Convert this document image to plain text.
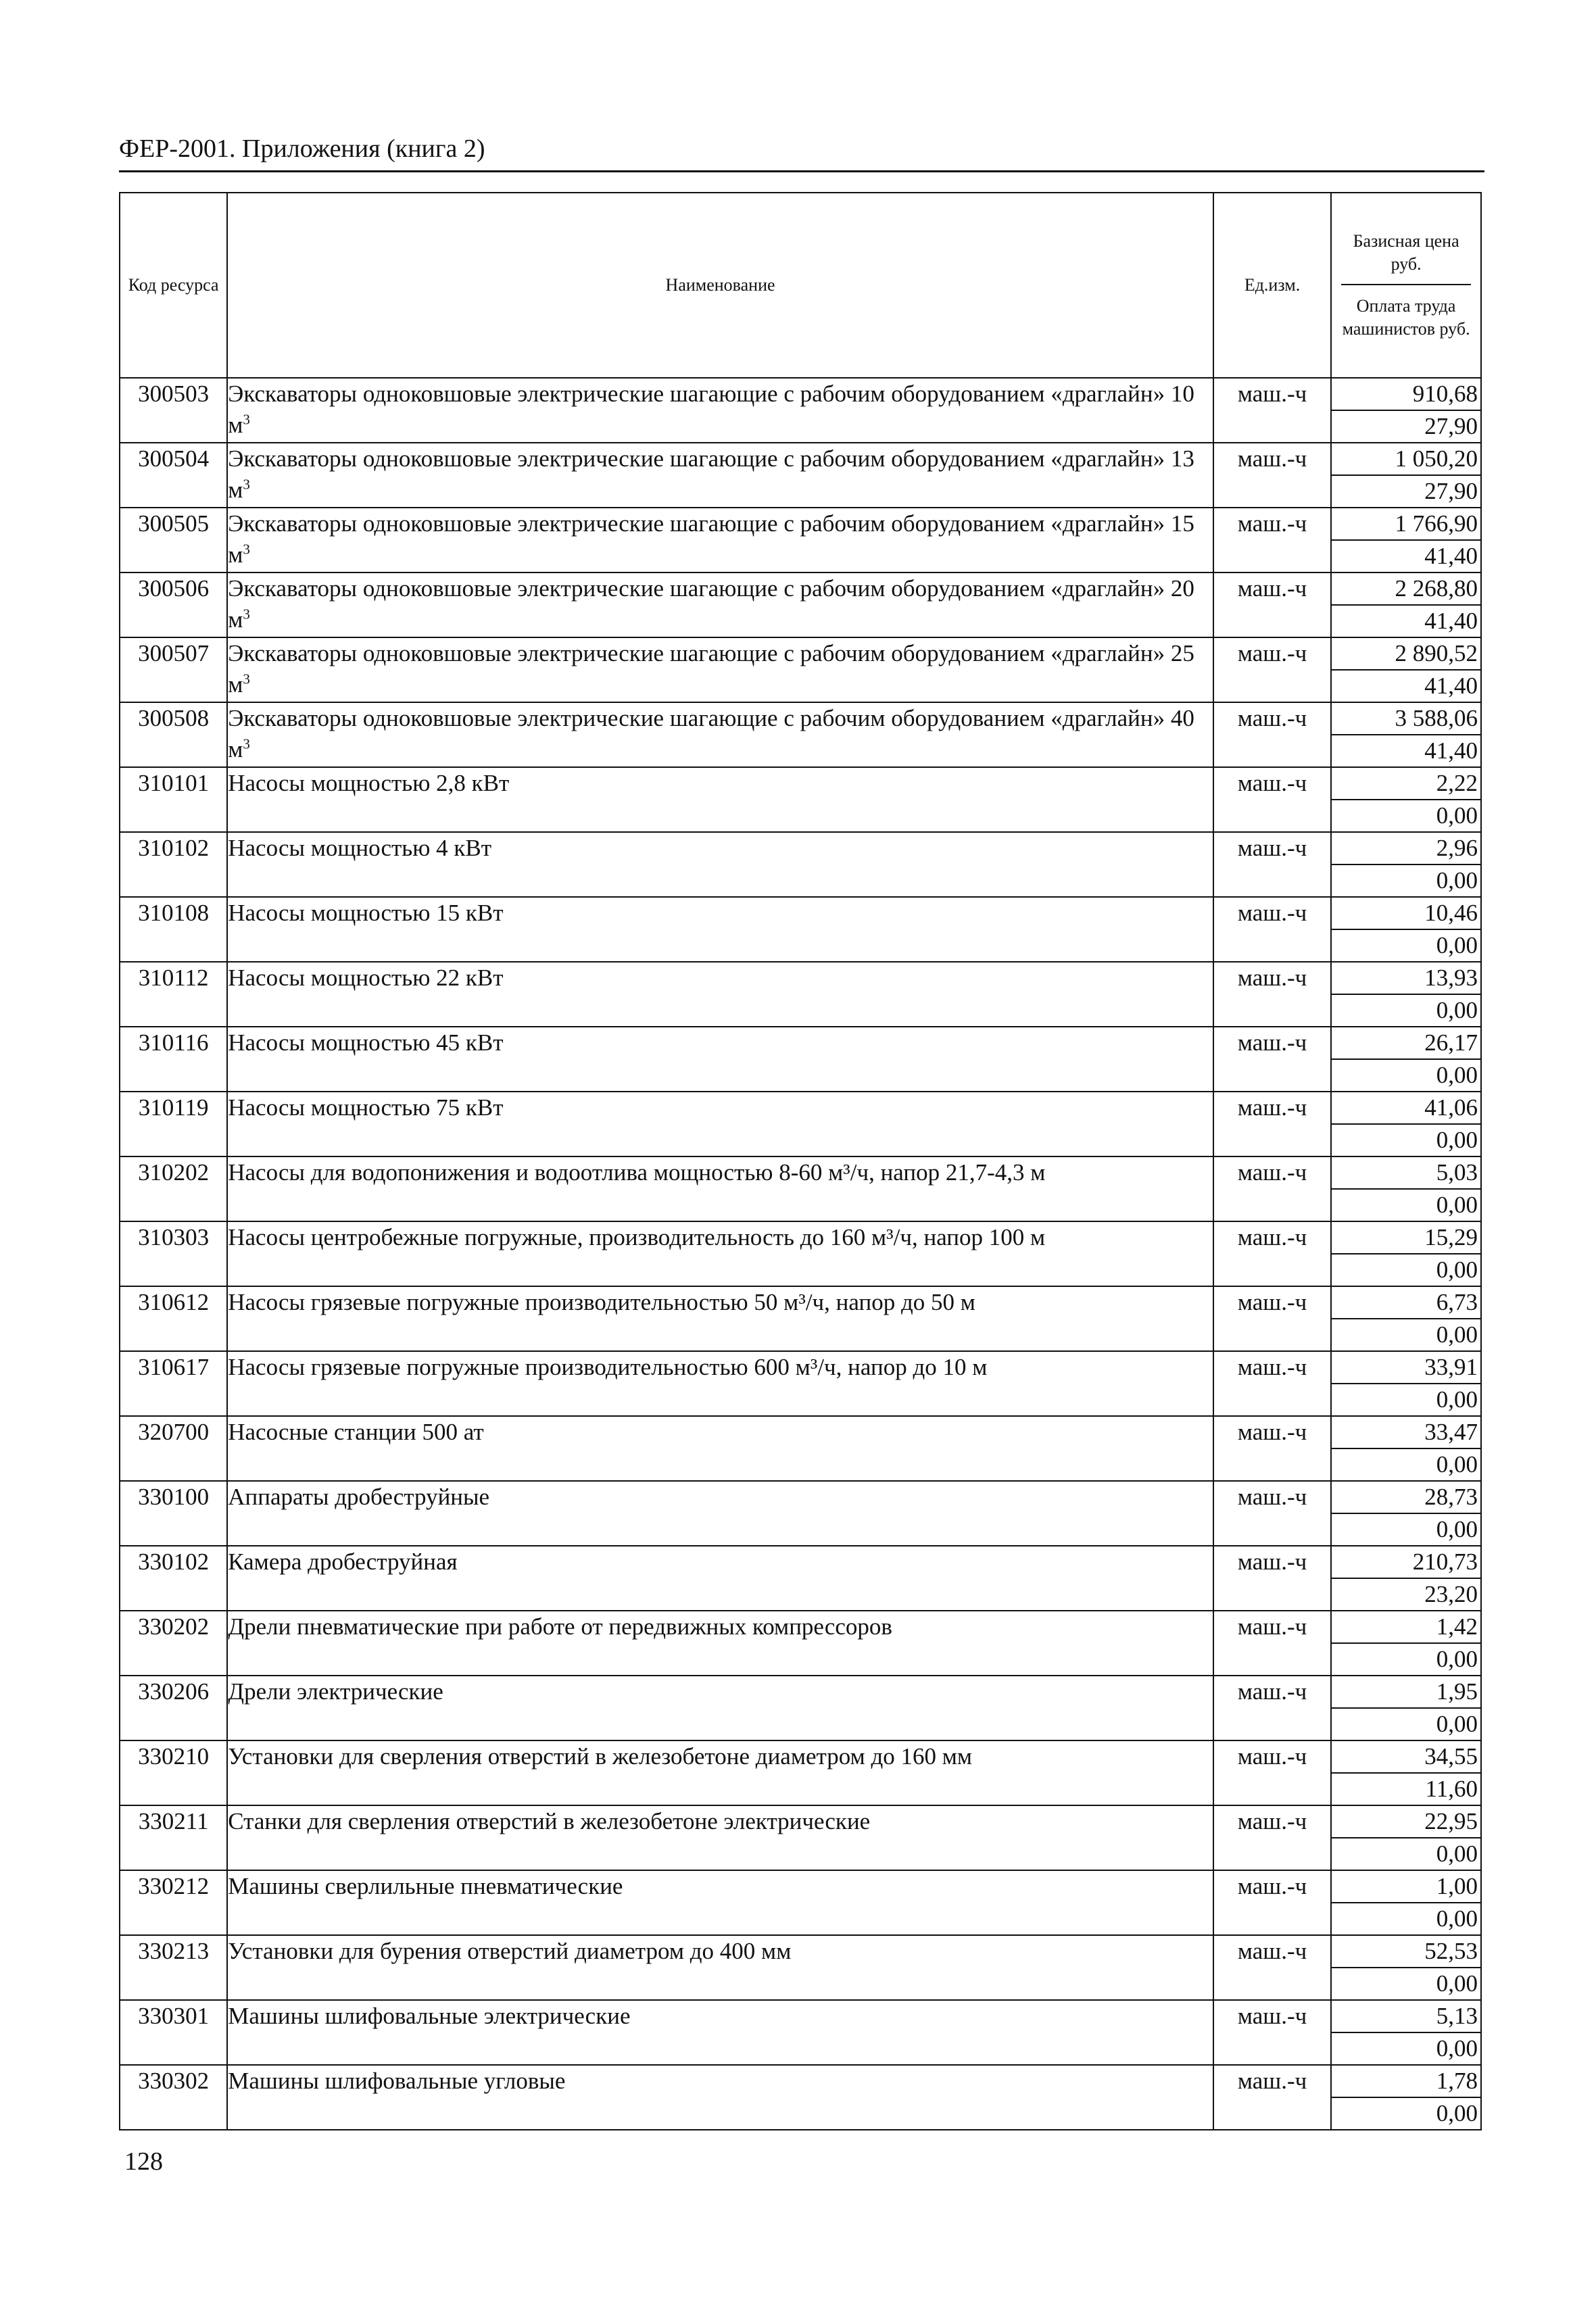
ФЕР-2001. Приложения (книга 2)
Код ресурса	Наименование	Ед.изм.	Базисная цена руб.
Оплата труда машинистов руб.

300503	Экскаваторы одноковшовые электрические шагающие с рабочим оборудованием «драглайн» 10 $м^3$	маш.-ч	910,68
27,90

300504	Экскаваторы одноковшовые электрические шагающие с рабочим оборудованием «драглайн» 13 $м^3$	маш.-ч	1 050,20
27,90

300505	Экскаваторы одноковшовые электрические шагающие с рабочим оборудованием «драглайн» 15 $м^3$	маш.-ч	1 766,90
41,40

300506	Экскаваторы одноковшовые электрические шагающие с рабочим оборудованием «драглайн» 20 $м^3$	маш.-ч	2 268,80
41,40

300507	Экскаваторы одноковшовые электрические шагающие с рабочим оборудованием «драглайн» 25 $м^3$	маш.-ч	2 890,52
41,40

300508	Экскаваторы одноковшовые электрические шагающие с рабочим оборудованием «драглайн» 40 $м^3$	маш.-ч	3 588,06
41,40

310101	Насосы мощностью 2,8 кВт	маш.-ч	2,22
0,00

310102	Насосы мощностью 4 кВт	маш.-ч	2,96
0,00

310108	Насосы мощностью 15 кВт	маш.-ч	10,46
0,00

310112	Насосы мощностью 22 кВт	маш.-ч	13,93
0,00

310116	Насосы мощностью 45 кВт	маш.-ч	26,17
0,00

310119	Насосы мощностью 75 кВт	маш.-ч	41,06
0,00

310202	Насосы для водопонижения и водоотлива мощностью 8-60 м³/ч, напор 21,7-4,3 м	маш.-ч	5,03
0,00

310303	Насосы центробежные погружные, производительность до 160 м³/ч, напор 100 м	маш.-ч	15,29
0,00

310612	Насосы грязевые погружные производительностью 50 м³/ч, напор до 50 м	маш.-ч	6,73
0,00

310617	Насосы грязевые погружные производительностью 600 м³/ч, напор до 10 м	маш.-ч	33,91
0,00

320700	Насосные станции 500 ат	маш.-ч	33,47
0,00

330100	Аппараты дробеструйные	маш.-ч	28,73
0,00

330102	Камера дробеструйная	маш.-ч	210,73
23,20

330202	Дрели пневматические при работе от передвижных компрессоров	маш.-ч	1,42
0,00

330206	Дрели электрические	маш.-ч	1,95
0,00

330210	Установки для сверления отверстий в железобетоне диаметром до 160 мм	маш.-ч	34,55
11,60

330211	Станки для сверления отверстий в железобетоне электрические	маш.-ч	22,95
0,00

330212	Машины сверлильные пневматические	маш.-ч	1,00
0,00

330213	Установки для бурения отверстий диаметром до 400 мм	маш.-ч	52,53
0,00

330301	Машины шлифовальные электрические	маш.-ч	5,13
0,00

330302	Машины шлифовальные угловые	маш.-ч	1,78
0,00
128
